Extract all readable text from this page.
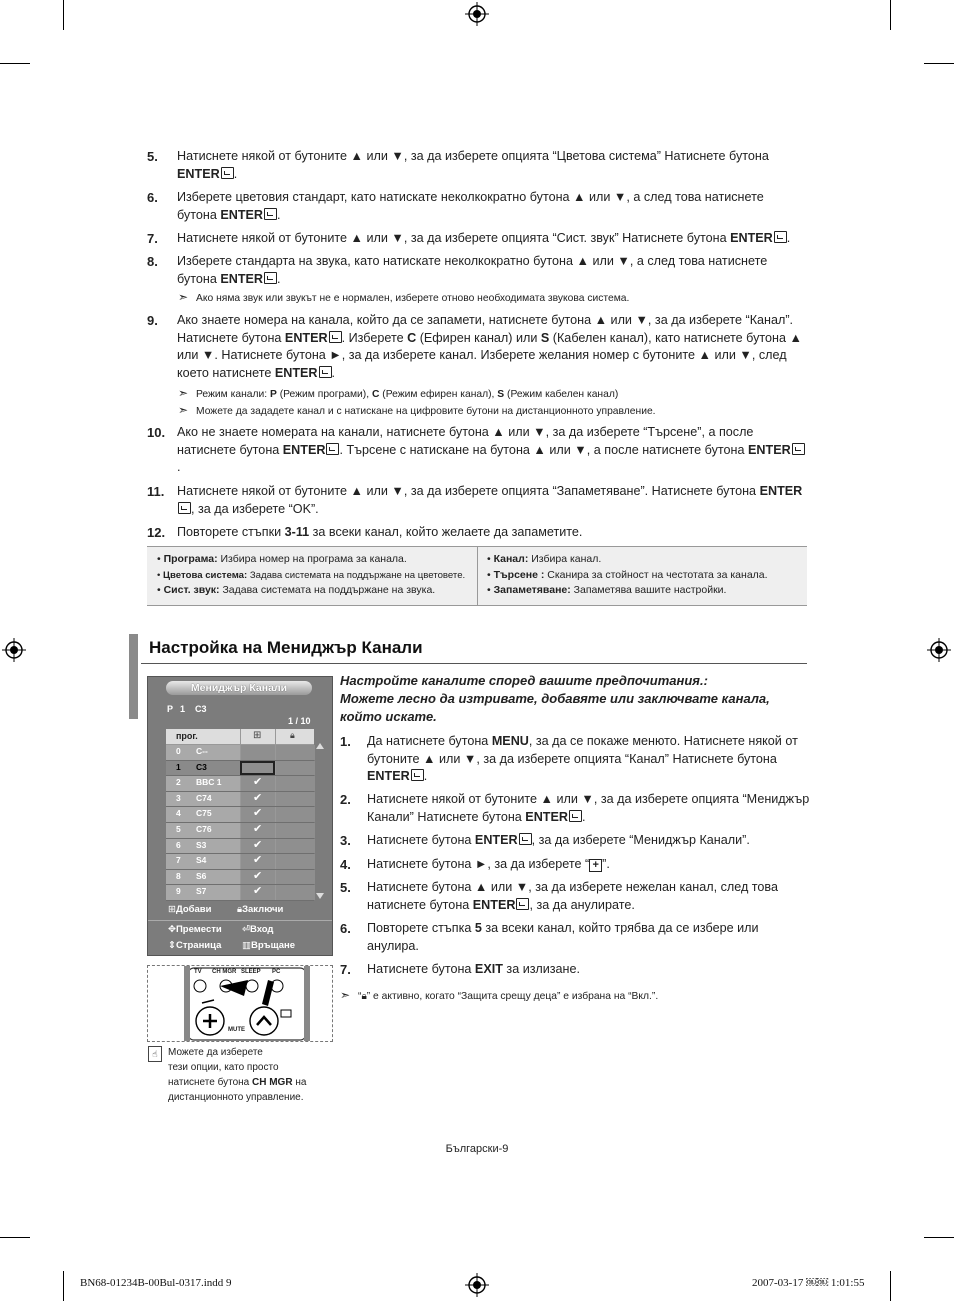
5. Натиснете някой от бутоните ▲ или ▼, за да изберете опцията “Цветова система” Натиснете бутона ENTER .
6. Изберете цветовия стандарт, като натискате неколкократно бутона ▲ или ▼, а след това натиснете бутона ENTER .
7. Натиснете някой от бутоните ▲ или ▼, за да изберете опцията “Сист. звук” Натиснете бутона ENTER .
8. Изберете стандарта на звука, като натискате неколкократно бутона ▲ или ▼, а след това натиснете бутона ENTER .
➣ Ако няма звук или звукът не е нормален, изберете отново необходимата звукова система.
9. Ако знаете номера на канала, който да се запамети, натиснете бутона ▲ или ▼, за да изберете “Канал”. Натиснете бутона ENTER . Изберете C (Ефирен канал) или S (Кабелен канал), като натиснете бутона ▲ или ▼. Натиснете бутона ►, за да изберете канал. Изберете желания номер с бутоните ▲ или ▼, след което натиснете ENTER .
➣ Режим канали: P (Режим програми), C (Режим ефирен канал), S (Режим кабелен канал)
➣ Можете да зададете канал и с натискане на цифровите бутони на дистанционното управление.
10. Ако не знаете номерата на канали, натиснете бутона ▲ или ▼, за да изберете “Търсене”, а после натиснете бутона ENTER . Търсене с натискане на бутона ▲ или ▼, а после натиснете бутона ENTER.
11. Натиснете някой от бутоните ▲ или ▼, за да изберете опцията “Запаметяване”. Натиснете бутона ENTER, за да изберете “OK”.
12. Повторете стъпки 3-11 за всеки канал, който желаете да запаметите.
• Програма: Избира номер на програма за канала.
• Цветова система: Задава системата на поддържане на цветовете.
• Сист. звук: Задава системата на поддържане на звука.
• Канал: Избира канал.
• Търсене : Сканира за стойност на честотата за канала.
• Запаметяване: Запаметява вашите настройки.
Настройка на Мениджър Канали
Мениджър Канали
P 1 C3
1 / 10
прог.	⊞	🔒︎
0 C--
1 C3
2 BBC 1	✔
3 C74	✔
4 C75	✔
5 C76	✔
6 S3	✔
7 S4	✔
8 S6	✔
9 S7	✔
⊞Добави	🔒︎Заключи
✥Премести ⏎Вход
⇕Страница ▥Връщане
TV CH MGR SLEEP PC
MUTE
☝	Можете да изберете
тези опции, като просто
натиснете бутона CH MGR на
дистанционното управление.
Настройте каналите според вашите предпочитания.:
Можете лесно да изтривате, добавяте или заключвате канала,
който искате.
1. Да натиснете бутона MENU, за да се покаже менюто. Натиснете някой от бутоните ▲ или ▼, за да изберете опцията “Канал” Натиснете бутона ENTER .
2. Натиснете някой от бутоните ▲ или ▼, за да изберете опцията “Мениджър Канали” Натиснете бутона ENTER .
3. Натиснете бутона ENTER , за да изберете “Мениджър Канали”.
4. Натиснете бутона ►, за да изберете “ + ”.
5. Натиснете бутона ▲ или ▼, за да изберете нежелан канал, след това натиснете бутона ENTER , за да анулирате.
6. Повторете стъпка 5 за всеки канал, който трябва да се избере или анулира.
7. Натиснете бутона EXIT за излизане.
➣ “🔒︎” е активно, когато “Защита срещу деца” е избрана на “Вкл.”.
Български-9
BN68-01234B-00Bul-0317.indd 9	2007-03-17 ￼￼ 1:01:55
